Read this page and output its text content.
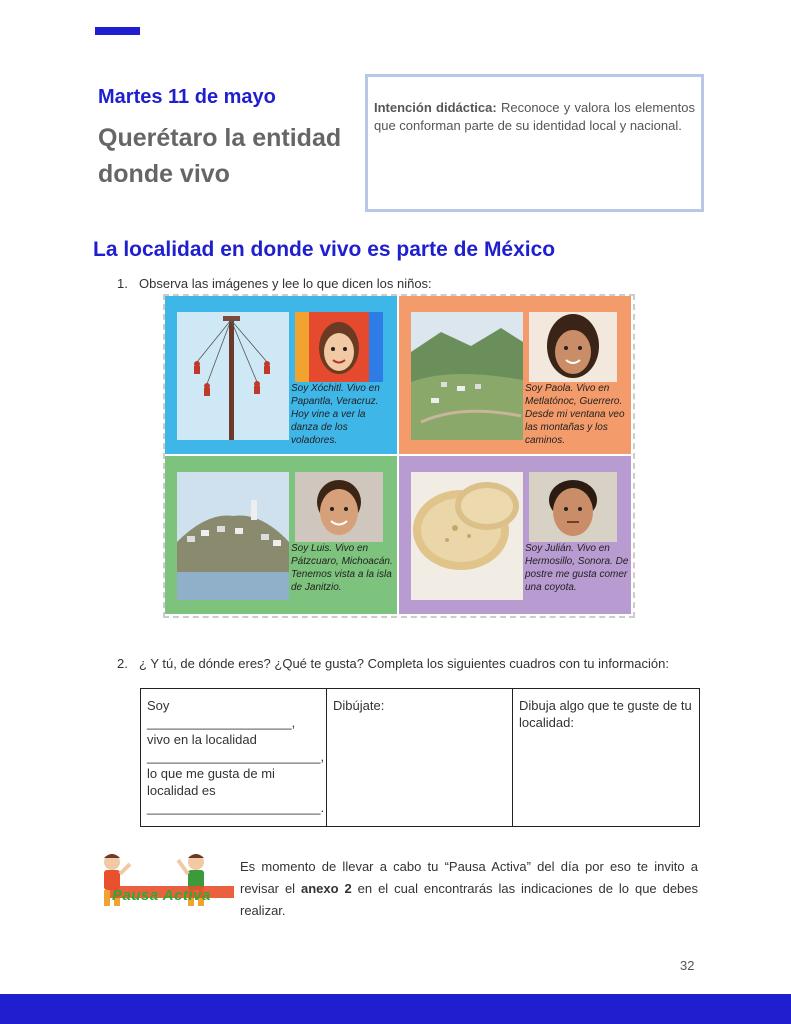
Martes 11 de mayo
Querétaro la entidad donde vivo
Intención didáctica: Reconoce y valora los elementos que conforman parte de su identidad local y nacional.
La localidad en donde vivo es parte de México
1. Observa las imágenes y lee lo que dicen los niños:
Soy Xóchitl. Vivo en Papantla, Veracruz. Hoy vine a ver la danza de los voladores.
Soy Paola. Vivo en Metlatónoc, Guerrero. Desde mi ventana veo las montañas y los caminos.
Soy Luis. Vivo en Pátzcuaro, Michoacán. Tenemos vista a la isla de Janitzio.
Soy Julián. Vivo en Hermosillo, Sonora. De postre me gusta comer una coyota.
2. ¿ Y tú, de dónde eres? ¿Qué te gusta? Completa los siguientes cuadros con tu información:
Soy ____________________,
vivo en la localidad
________________________,
lo que me gusta de mi
localidad es
________________________.
Dibújate:	Dibuja algo que te guste de tu localidad:
Pausa Activa
Es momento de llevar a cabo tu “Pausa Activa” del día por eso te invito a revisar el anexo 2 en el cual encontrarás las indicaciones de lo que debes realizar.
32
